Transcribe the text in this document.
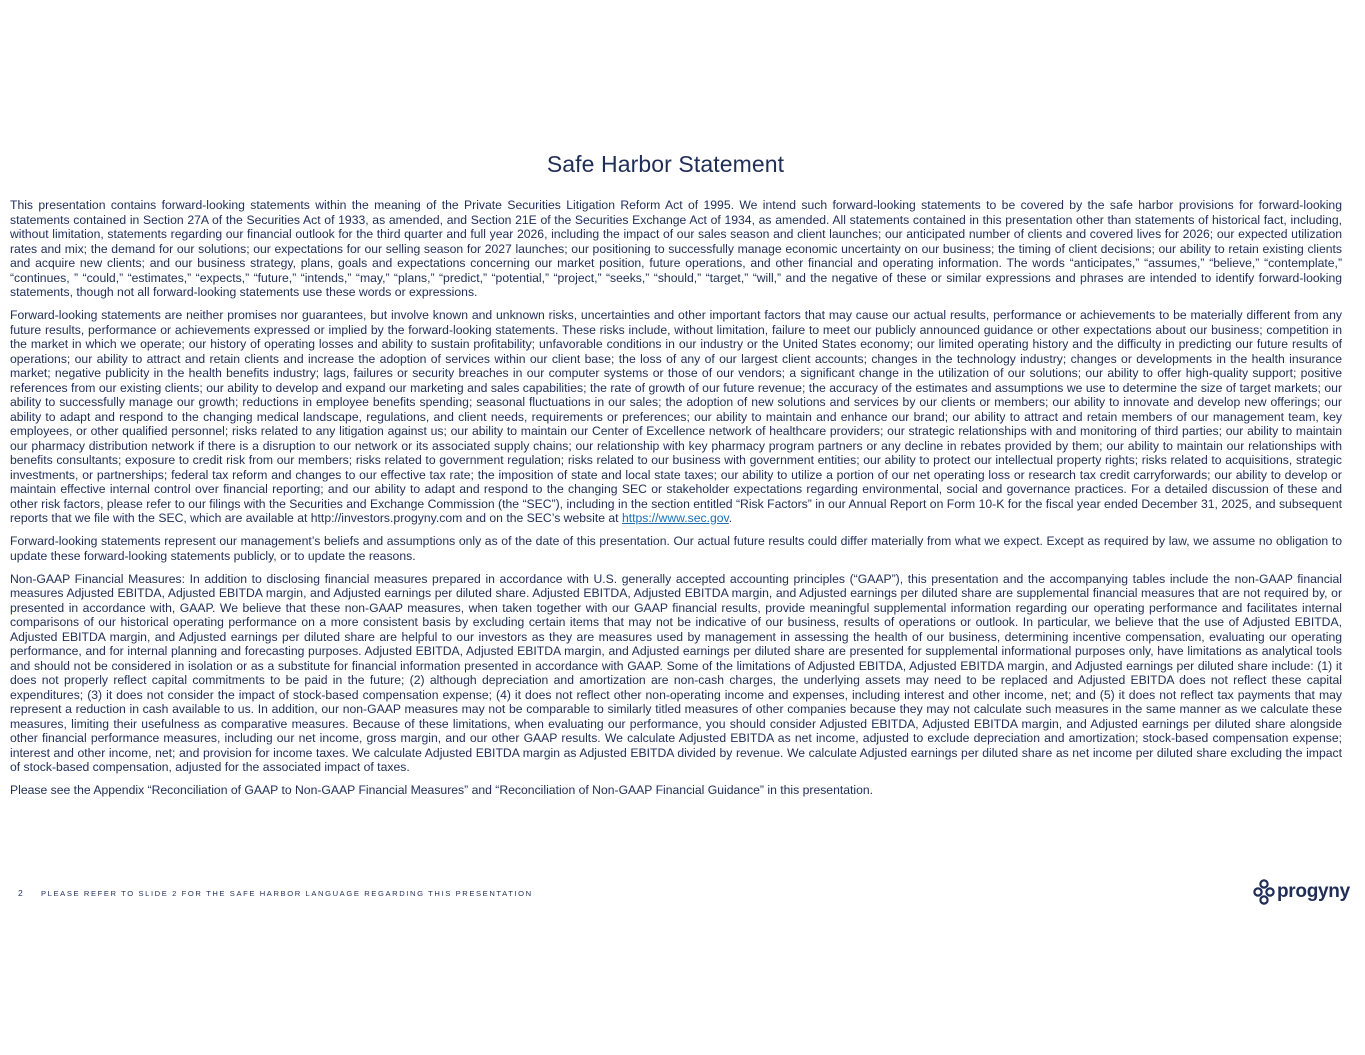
Safe Harbor Statement

This presentation contains forward-looking statements within the meaning of the Private Securities Litigation Reform Act of 1995. We intend such forward-looking statements to be covered by the safe harbor provisions for forward-looking statements contained in Section 27A of the Securities Act of 1933, as amended, and Section 21E of the Securities Exchange Act of 1934, as amended. All statements contained in this presentation other than statements of historical fact, including, without limitation, statements regarding our financial outlook for the third quarter and full year 2026, including the impact of our sales season and client launches; our anticipated number of clients and covered lives for 2026; our expected utilization rates and mix; the demand for our solutions; our expectations for our selling season for 2027 launches; our positioning to successfully manage economic uncertainty on our business; the timing of client decisions; our ability to retain existing clients and acquire new clients; and our business strategy, plans, goals and expectations concerning our market position, future operations, and other financial and operating information. The words “anticipates,” “assumes,” “believe,” “contemplate,” “continues, ” “could,” “estimates,” “expects,” “future,” “intends,” “may,” “plans,” “predict,” “potential,” “project,” “seeks,” “should,” “target,” “will,” and the negative of these or similar expressions and phrases are intended to identify forward-looking statements, though not all forward-looking statements use these words or expressions.

Forward-looking statements are neither promises nor guarantees, but involve known and unknown risks, uncertainties and other important factors that may cause our actual results, performance or achievements to be materially different from any future results, performance or achievements expressed or implied by the forward-looking statements. These risks include, without limitation, failure to meet our publicly announced guidance or other expectations about our business; competition in the market in which we operate; our history of operating losses and ability to sustain profitability; unfavorable conditions in our industry or the United States economy; our limited operating history and the difficulty in predicting our future results of operations; our ability to attract and retain clients and increase the adoption of services within our client base; the loss of any of our largest client accounts; changes in the technology industry; changes or developments in the health insurance market; negative publicity in the health benefits industry; lags, failures or security breaches in our computer systems or those of our vendors; a significant change in the utilization of our solutions; our ability to offer high-quality support; positive references from our existing clients; our ability to develop and expand our marketing and sales capabilities; the rate of growth of our future revenue; the accuracy of the estimates and assumptions we use to determine the size of target markets; our ability to successfully manage our growth; reductions in employee benefits spending; seasonal fluctuations in our sales; the adoption of new solutions and services by our clients or members; our ability to innovate and develop new offerings; our ability to adapt and respond to the changing medical landscape, regulations, and client needs, requirements or preferences; our ability to maintain and enhance our brand; our ability to attract and retain members of our management team, key employees, or other qualified personnel; risks related to any litigation against us; our ability to maintain our Center of Excellence network of healthcare providers; our strategic relationships with and monitoring of third parties; our ability to maintain our pharmacy distribution network if there is a disruption to our network or its associated supply chains; our relationship with key pharmacy program partners or any decline in rebates provided by them; our ability to maintain our relationships with benefits consultants; exposure to credit risk from our members; risks related to government regulation; risks related to our business with government entities; our ability to protect our intellectual property rights; risks related to acquisitions, strategic investments, or partnerships; federal tax reform and changes to our effective tax rate; the imposition of state and local state taxes; our ability to utilize a portion of our net operating loss or research tax credit carryforwards; our ability to develop or maintain effective internal control over financial reporting; and our ability to adapt and respond to the changing SEC or stakeholder expectations regarding environmental, social and governance practices. For a detailed discussion of these and other risk factors, please refer to our filings with the Securities and Exchange Commission (the “SEC”), including in the section entitled “Risk Factors” in our Annual Report on Form 10-K for the fiscal year ended December 31, 2025, and subsequent reports that we file with the SEC, which are available at http://investors.progyny.com and on the SEC’s website at https://www.sec.gov.

Forward-looking statements represent our management’s beliefs and assumptions only as of the date of this presentation. Our actual future results could differ materially from what we expect. Except as required by law, we assume no obligation to update these forward-looking statements publicly, or to update the reasons.

Non-GAAP Financial Measures: In addition to disclosing financial measures prepared in accordance with U.S. generally accepted accounting principles (“GAAP”), this presentation and the accompanying tables include the non-GAAP financial measures Adjusted EBITDA, Adjusted EBITDA margin, and Adjusted earnings per diluted share. Adjusted EBITDA, Adjusted EBITDA margin, and Adjusted earnings per diluted share are supplemental financial measures that are not required by, or presented in accordance with, GAAP. We believe that these non-GAAP measures, when taken together with our GAAP financial results, provide meaningful supplemental information regarding our operating performance and facilitates internal comparisons of our historical operating performance on a more consistent basis by excluding certain items that may not be indicative of our business, results of operations or outlook. In particular, we believe that the use of Adjusted EBITDA, Adjusted EBITDA margin, and Adjusted earnings per diluted share are helpful to our investors as they are measures used by management in assessing the health of our business, determining incentive compensation, evaluating our operating performance, and for internal planning and forecasting purposes. Adjusted EBITDA, Adjusted EBITDA margin, and Adjusted earnings per diluted share are presented for supplemental informational purposes only, have limitations as analytical tools and should not be considered in isolation or as a substitute for financial information presented in accordance with GAAP. Some of the limitations of Adjusted EBITDA, Adjusted EBITDA margin, and Adjusted earnings per diluted share include: (1) it does not properly reflect capital commitments to be paid in the future; (2) although depreciation and amortization are non-cash charges, the underlying assets may need to be replaced and Adjusted EBITDA does not reflect these capital expenditures; (3) it does not consider the impact of stock-based compensation expense; (4) it does not reflect other non-operating income and expenses, including interest and other income, net; and (5) it does not reflect tax payments that may represent a reduction in cash available to us. In addition, our non-GAAP measures may not be comparable to similarly titled measures of other companies because they may not calculate such measures in the same manner as we calculate these measures, limiting their usefulness as comparative measures. Because of these limitations, when evaluating our performance, you should consider Adjusted EBITDA, Adjusted EBITDA margin, and Adjusted earnings per diluted share alongside other financial performance measures, including our net income, gross margin, and our other GAAP results. We calculate Adjusted EBITDA as net income, adjusted to exclude depreciation and amortization; stock-based compensation expense; interest and other income, net; and provision for income taxes. We calculate Adjusted EBITDA margin as Adjusted EBITDA divided by revenue. We calculate Adjusted earnings per diluted share as net income per diluted share excluding the impact of stock-based compensation, adjusted for the associated impact of taxes.

Please see the Appendix “Reconciliation of GAAP to Non-GAAP Financial Measures” and “Reconciliation of Non-GAAP Financial Guidance” in this presentation.

2 PLEASE REFER TO SLIDE 2 FOR THE SAFE HARBOR LANGUAGE REGARDING THIS PRESENTATION	progyny
